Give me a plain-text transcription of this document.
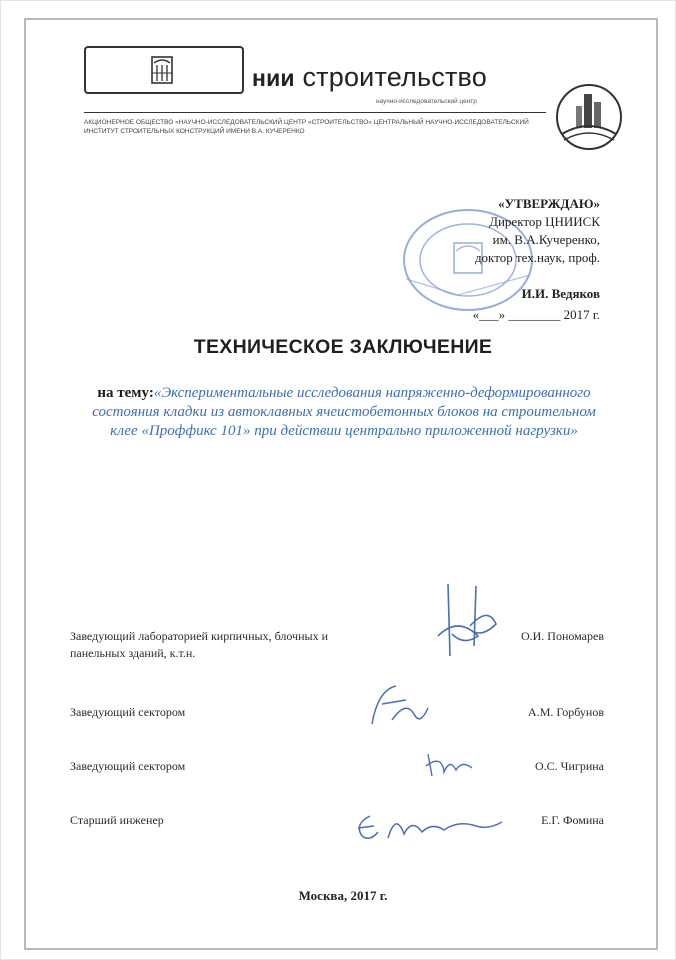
нии строительство
научно-исследовательский центр
АКЦИОНЕРНОЕ ОБЩЕСТВО «НАУЧНО-ИССЛЕДОВАТЕЛЬСКИЙ ЦЕНТР «СТРОИТЕЛЬСТВО» ЦЕНТРАЛЬНЫЙ НАУЧНО-ИССЛЕДОВАТЕЛЬСКИЙ ИНСТИТУТ СТРОИТЕЛЬНЫХ КОНСТРУКЦИЙ ИМЕНИ В.А. КУЧЕРЕНКО
«УТВЕРЖДАЮ»
Директор ЦНИИСК
им. В.А.Кучеренко,
доктор тех.наук, проф.
И.И. Ведяков
«___» ________ 2017 г.
ТЕХНИЧЕСКОЕ ЗАКЛЮЧЕНИЕ
на тему:«Экспериментальные исследования напряженно-деформированного состояния кладки из автоклавных ячеистобетонных блоков на строительном клее «Проффикс 101» при действии центрально приложенной нагрузки»
Заведующий лабораторией кирпичных, блочных и панельных зданий, к.т.н.
О.И. Пономарев
Заведующий сектором	А.М. Горбунов
Заведующий сектором	О.С. Чигрина
Старший инженер	Е.Г. Фомина
Москва, 2017 г.
